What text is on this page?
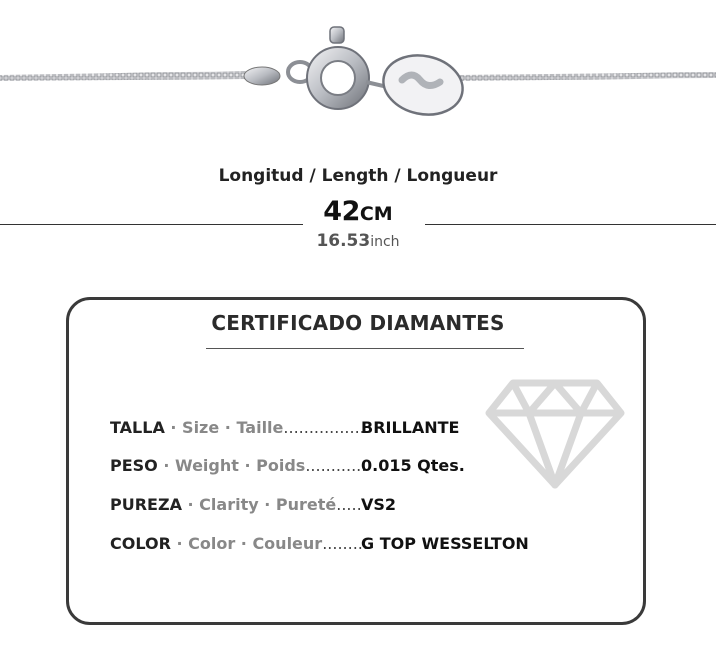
Longitud / Length / Longueur
42CM
16.53inch
CERTIFICADO DIAMANTES
TALLA · Size · Taille................
BRILLANTE
PESO · Weight · Poids............
0.015 Qtes.
PUREZA · Clarity · Pureté..... VS2
COLOR · Color · Couleur.........
G TOP WESSELTON
